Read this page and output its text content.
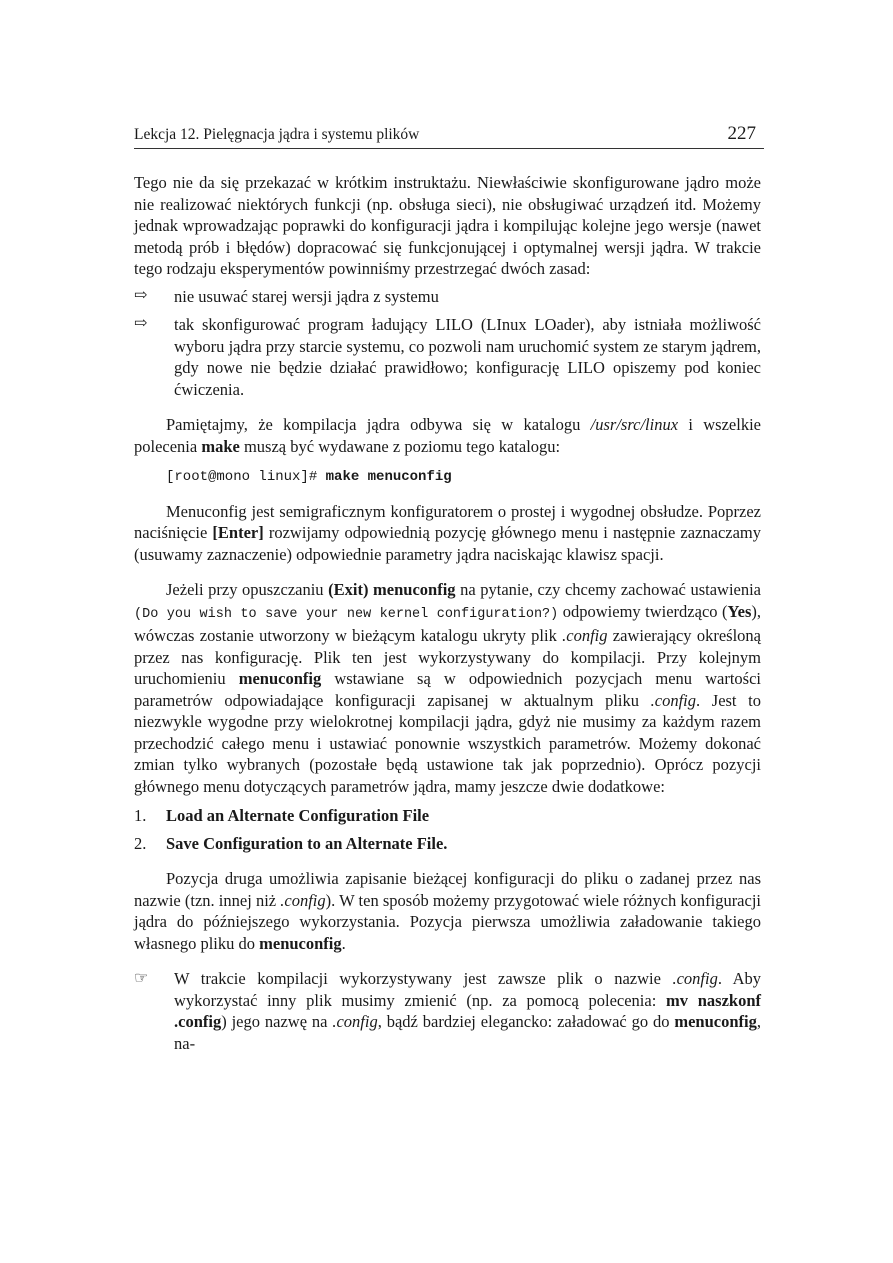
Lekcja 12. Pielęgnacja jądra i systemu plików	227

Tego nie da się przekazać w krótkim instruktażu. Niewłaściwie skonfigurowane jądro może nie realizować niektórych funkcji (np. obsługa sieci), nie obsługiwać urządzeń itd. Możemy jednak wprowadzając poprawki do konfiguracji jądra i kompilując kolejne jego wersje (nawet metodą prób i błędów) dopracować się funkcjonującej i optymalnej wersji jądra. W trakcie tego rodzaju eksperymentów powinniśmy przestrzegać dwóch zasad:

⇨ nie usuwać starej wersji jądra z systemu
⇨ tak skonfigurować program ładujący LILO (LInux LOader), aby istniała możliwość wyboru jądra przy starcie systemu, co pozwoli nam uruchomić system ze starym jądrem, gdy nowe nie będzie działać prawidłowo; konfigurację LILO opiszemy pod koniec ćwiczenia.

Pamiętajmy, że kompilacja jądra odbywa się w katalogu /usr/src/linux i wszelkie polecenia make muszą być wydawane z poziomu tego katalogu:

[root@mono linux]# make menuconfig

Menuconfig jest semigraficznym konfiguratorem o prostej i wygodnej obsłudze. Poprzez naciśnięcie [Enter] rozwijamy odpowiednią pozycję głównego menu i następnie zaznaczamy (usuwamy zaznaczenie) odpowiednie parametry jądra naciskając klawisz spacji.

Jeżeli przy opuszczaniu (Exit) menuconfig na pytanie, czy chcemy zachować ustawienia (Do you wish to save your new kernel configuration?) odpowiemy twierdząco (Yes), wówczas zostanie utworzony w bieżącym katalogu ukryty plik .config zawierający określoną przez nas konfigurację. Plik ten jest wykorzystywany do kompilacji. Przy kolejnym uruchomieniu menuconfig wstawiane są w odpowiednich pozycjach menu wartości parametrów odpowiadające konfiguracji zapisanej w aktualnym pliku .config. Jest to niezwykle wygodne przy wielokrotnej kompilacji jądra, gdyż nie musimy za każdym razem przechodzić całego menu i ustawiać ponownie wszystkich parametrów. Możemy dokonać zmian tylko wybranych (pozostałe będą ustawione tak jak poprzednio). Oprócz pozycji głównego menu dotyczących parametrów jądra, mamy jeszcze dwie dodatkowe:

1. Load an Alternate Configuration File
2. Save Configuration to an Alternate File.

Pozycja druga umożliwia zapisanie bieżącej konfiguracji do pliku o zadanej przez nas nazwie (tzn. innej niż .config). W ten sposób możemy przygotować wiele różnych konfiguracji jądra do późniejszego wykorzystania. Pozycja pierwsza umożliwia załadowanie takiego własnego pliku do menuconfig.

☞ W trakcie kompilacji wykorzystywany jest zawsze plik o nazwie .config. Aby wykorzystać inny plik musimy zmienić (np. za pomocą polecenia: mv naszkonf .config) jego nazwę na .config, bądź bardziej elegancko: załadować go do menuconfig, na-
